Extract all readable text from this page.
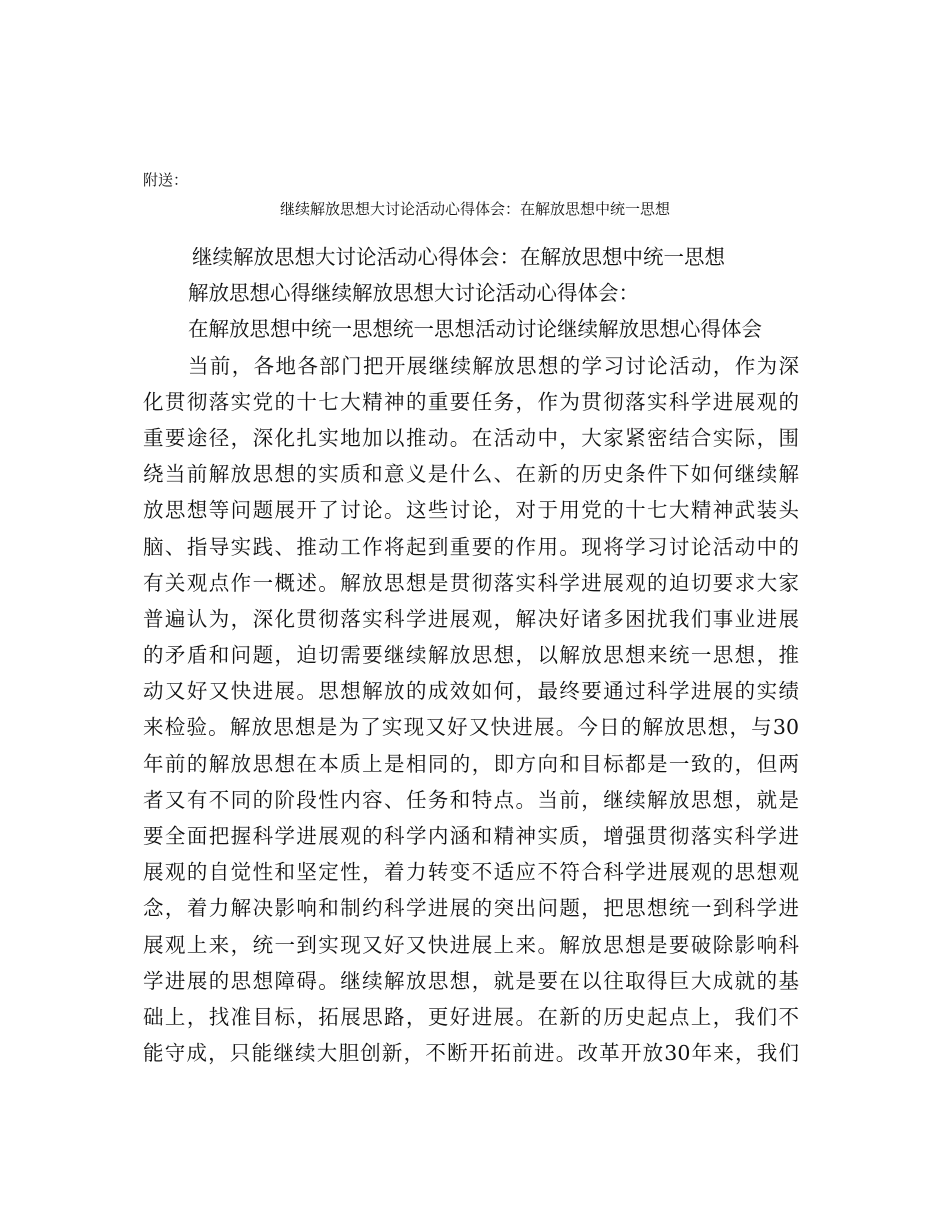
附送：
继续解放思想大讨论活动心得体会：在解放思想中统一思想
继续解放思想大讨论活动心得体会：在解放思想中统一思想
解放思想心得继续解放思想大讨论活动心得体会：
在解放思想中统一思想统一思想活动讨论继续解放思想心得体会
当前，各地各部门把开展继续解放思想的学习讨论活动，作为深
化贯彻落实党的十七大精神的重要任务，作为贯彻落实科学进展观的
重要途径，深化扎实地加以推动。在活动中，大家紧密结合实际，围
绕当前解放思想的实质和意义是什么、在新的历史条件下如何继续解
放思想等问题展开了讨论。这些讨论，对于用党的十七大精神武装头
脑、指导实践、推动工作将起到重要的作用。现将学习讨论活动中的
有关观点作一概述。解放思想是贯彻落实科学进展观的迫切要求大家
普遍认为，深化贯彻落实科学进展观，解决好诸多困扰我们事业进展
的矛盾和问题，迫切需要继续解放思想，以解放思想来统一思想，推
动又好又快进展。思想解放的成效如何，最终要通过科学进展的实绩
来检验。解放思想是为了实现又好又快进展。今日的解放思想，与30
年前的解放思想在本质上是相同的，即方向和目标都是一致的，但两
者又有不同的阶段性内容、任务和特点。当前，继续解放思想，就是
要全面把握科学进展观的科学内涵和精神实质，增强贯彻落实科学进
展观的自觉性和坚定性，着力转变不适应不符合科学进展观的思想观
念，着力解决影响和制约科学进展的突出问题，把思想统一到科学进
展观上来，统一到实现又好又快进展上来。解放思想是要破除影响科
学进展的思想障碍。继续解放思想，就是要在以往取得巨大成就的基
础上，找准目标，拓展思路，更好进展。在新的历史起点上，我们不
能守成，只能继续大胆创新，不断开拓前进。改革开放30年来，我们
